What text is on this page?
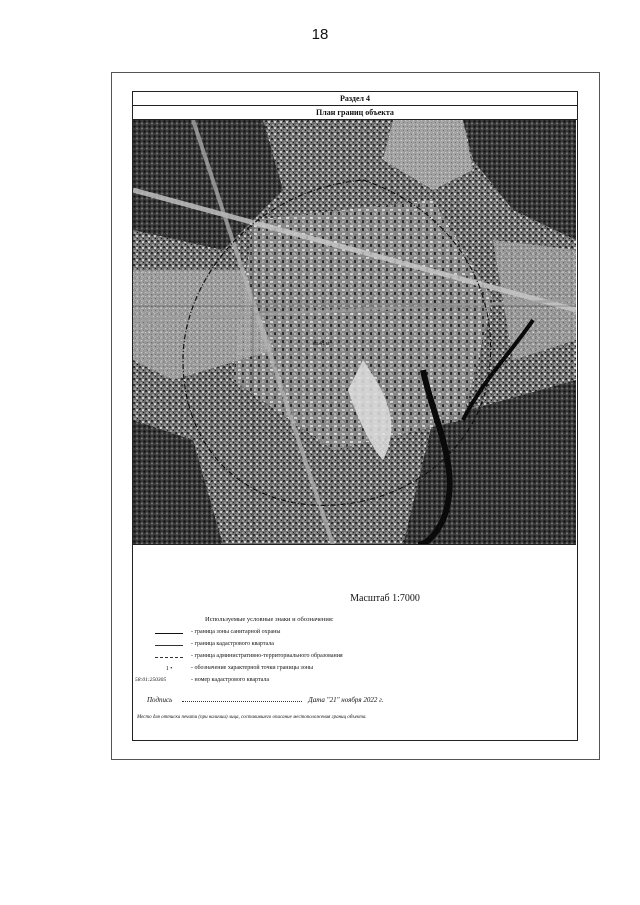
18
Раздел 4
План границ объекта
кв.41 м
Масштаб 1:7000
Используемые условные знаки и обозначения:
- граница зоны санитарной охраны
- граница кадастрового квартала
- граница административно-территориального образования
1 •	- обозначение характерной точки границы зоны
58:01:250305	- номер кадастрового квартала
Подпись	Дата "21" ноября 2022 г.
Место для оттиска печати (при наличии) лица, составившего описание местоположения границ объекта.
